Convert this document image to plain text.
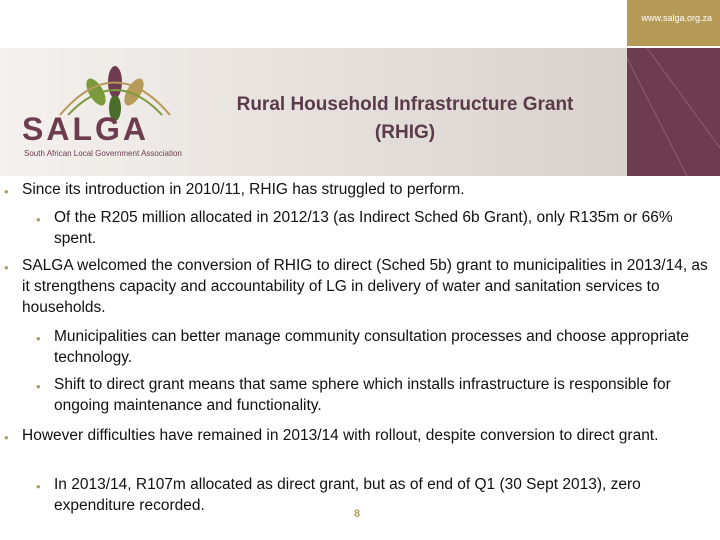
www.salga.org.za
SALGA
South African Local Government Association
Rural Household Infrastructure Grant
(RHIG)
• Since its introduction in 2010/11, RHIG has struggled to perform.
• Of the R205 million allocated in 2012/13 (as Indirect Sched 6b Grant), only R135m or 66% spent.
• SALGA welcomed the conversion of RHIG to direct (Sched 5b) grant to municipalities in 2013/14, as it strengthens capacity and accountability of LG in delivery of water and sanitation services to households.
• Municipalities can better manage community consultation processes and choose appropriate technology.
• Shift to direct grant means that same sphere which installs infrastructure is responsible for ongoing maintenance and functionality.
• However difficulties have remained in 2013/14 with rollout, despite conversion to direct grant.
• In 2013/14, R107m allocated as direct grant, but as of end of Q1 (30 Sept 2013), zero expenditure recorded.	8
